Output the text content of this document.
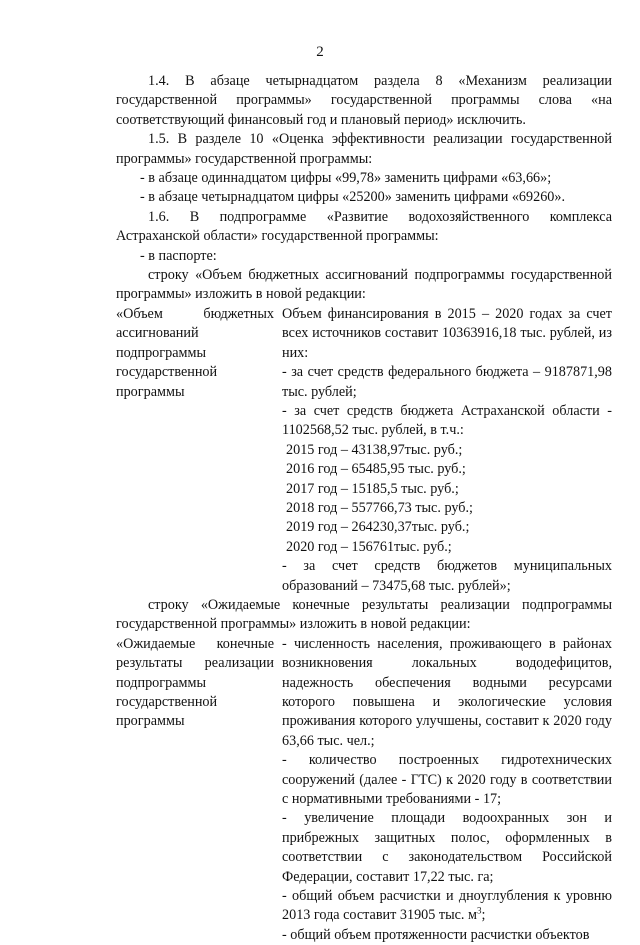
2

1.4. В абзаце четырнадцатом раздела 8 «Механизм реализации государственной программы» государственной программы слова «на соответствующий финансовый год и плановый период» исключить.

1.5. В разделе 10 «Оценка эффективности реализации государственной программы» государственной программы:

- в абзаце одиннадцатом цифры «99,78» заменить цифрами «63,66»;

- в абзаце четырнадцатом цифры «25200» заменить цифрами «69260».

1.6. В подпрограмме «Развитие водохозяйственного комплекса Астраханской области» государственной программы:

- в паспорте:

строку «Объем бюджетных ассигнований подпрограммы государственной программы» изложить в новой редакции:

«Объем бюджетных ассигнований подпрограммы государственной программы
Объем финансирования в 2015 – 2020 годах за счет всех источников составит 10363916,18 тыс. рублей, из них:
- за счет средств федерального бюджета – 9187871,98 тыс. рублей;
- за счет средств бюджета Астраханской области - 1102568,52 тыс. рублей, в т.ч.:
2015 год – 43138,97тыс. руб.;
2016 год – 65485,95 тыс. руб.;
2017 год – 15185,5 тыс. руб.;
2018 год – 557766,73 тыс. руб.;
2019 год – 264230,37тыс. руб.;
2020 год – 156761тыс. руб.;
- за счет средств бюджетов муниципальных образований – 73475,68 тыс. рублей»;

строку «Ожидаемые конечные результаты реализации подпрограммы государственной программы» изложить в новой редакции:

«Ожидаемые конечные результаты реализации подпрограммы государственной программы
- численность населения, проживающего в районах возникновения локальных вододефицитов, надежность обеспечения водными ресурсами которого повышена и экологические условия проживания которого улучшены, составит к 2020 году 63,66 тыс. чел.;
- количество построенных гидротехнических сооружений (далее - ГТС) к 2020 году в соответствии с нормативными требованиями - 17;
- увеличение площади водоохранных зон и прибрежных защитных полос, оформленных в соответствии с законодательством Российской Федерации, составит 17,22 тыс. га;
- общий объем расчистки и дноуглубления к уровню 2013 года составит 31905 тыс. $м^3$;
- общий объем протяженности расчистки объектов
